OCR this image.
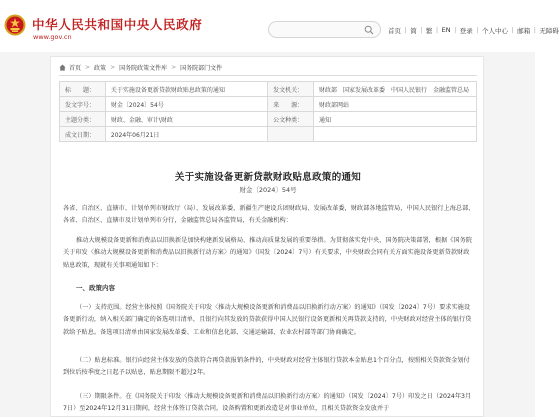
中华人民共和国中央人民政府
www.gov.cn
首页 | 简 | 繁 | EN | 登录 | 个人中心 | 邮箱 | 无障碍
首页 > 政策 > 国务院政策文件库 > 国务院部门文件
标　　题：	关于实施设备更新贷款财政贴息政策的通知	发文机关：	财政部　国家发展改革委　中国人民银行　金融监管总局
发文字号：	财金〔2024〕54号	来　　源：	财政部网站
主题分类：	财政、金融、审计\财政	公文种类：	通知
成文日期：	2024年06月21日		
关于实施设备更新贷款财政贴息政策的通知
财金〔2024〕54号
各省、自治区、直辖市、计划单列市财政厅（局）、发展改革委，新疆生产建设兵团财政局、发展改革委，财政部各地监管局，中国人民银行上海总部，各省、自治区、直辖市及计划单列市分行，金融监管总局各监管局，有关金融机构：
推动大规模设备更新和消费品以旧换新是加快构建新发展格局、推动高质量发展的重要举措。为贯彻落实党中央、国务院决策部署，根据《国务院关于印发〈推动大规模设备更新和消费品以旧换新行动方案〉的通知》（国发〔2024〕7号）有关要求，中央财政会同有关方面实施设备更新贷款财政贴息政策，现就有关事项通知如下：
一、政策内容
（一）支持范围。经营主体按照《国务院关于印发〈推动大规模设备更新和消费品以旧换新行动方案〉的通知》（国发〔2024〕7号）要求实施设备更新行动，纳入相关部门确定的备选项目清单，且银行向其发放的贷款获得中国人民银行设备更新相关再贷款支持的，中央财政对经营主体的银行贷款给予贴息。备选项目清单由国家发展改革委、工业和信息化部、交通运输部、农业农村部等部门协商确定。
（二）贴息标准。银行向经营主体发放的贷款符合再贷款报销条件的，中央财政对经营主体银行贷款本金贴息1个百分点，按照相关贷款资金划付到位后按季度之日起予以贴息，贴息期限不超过2年。
（三）期限条件。在《国务院关于印发〈推动大规模设备更新和消费品以旧换新行动方案〉的通知》（国发〔2024〕7号）印发之日（2024年3月7日）至2024年12月31日期间，经营主体签订贷款合同，设备购置和更新改造是对事业单位，且相关贷款资金发放并于
